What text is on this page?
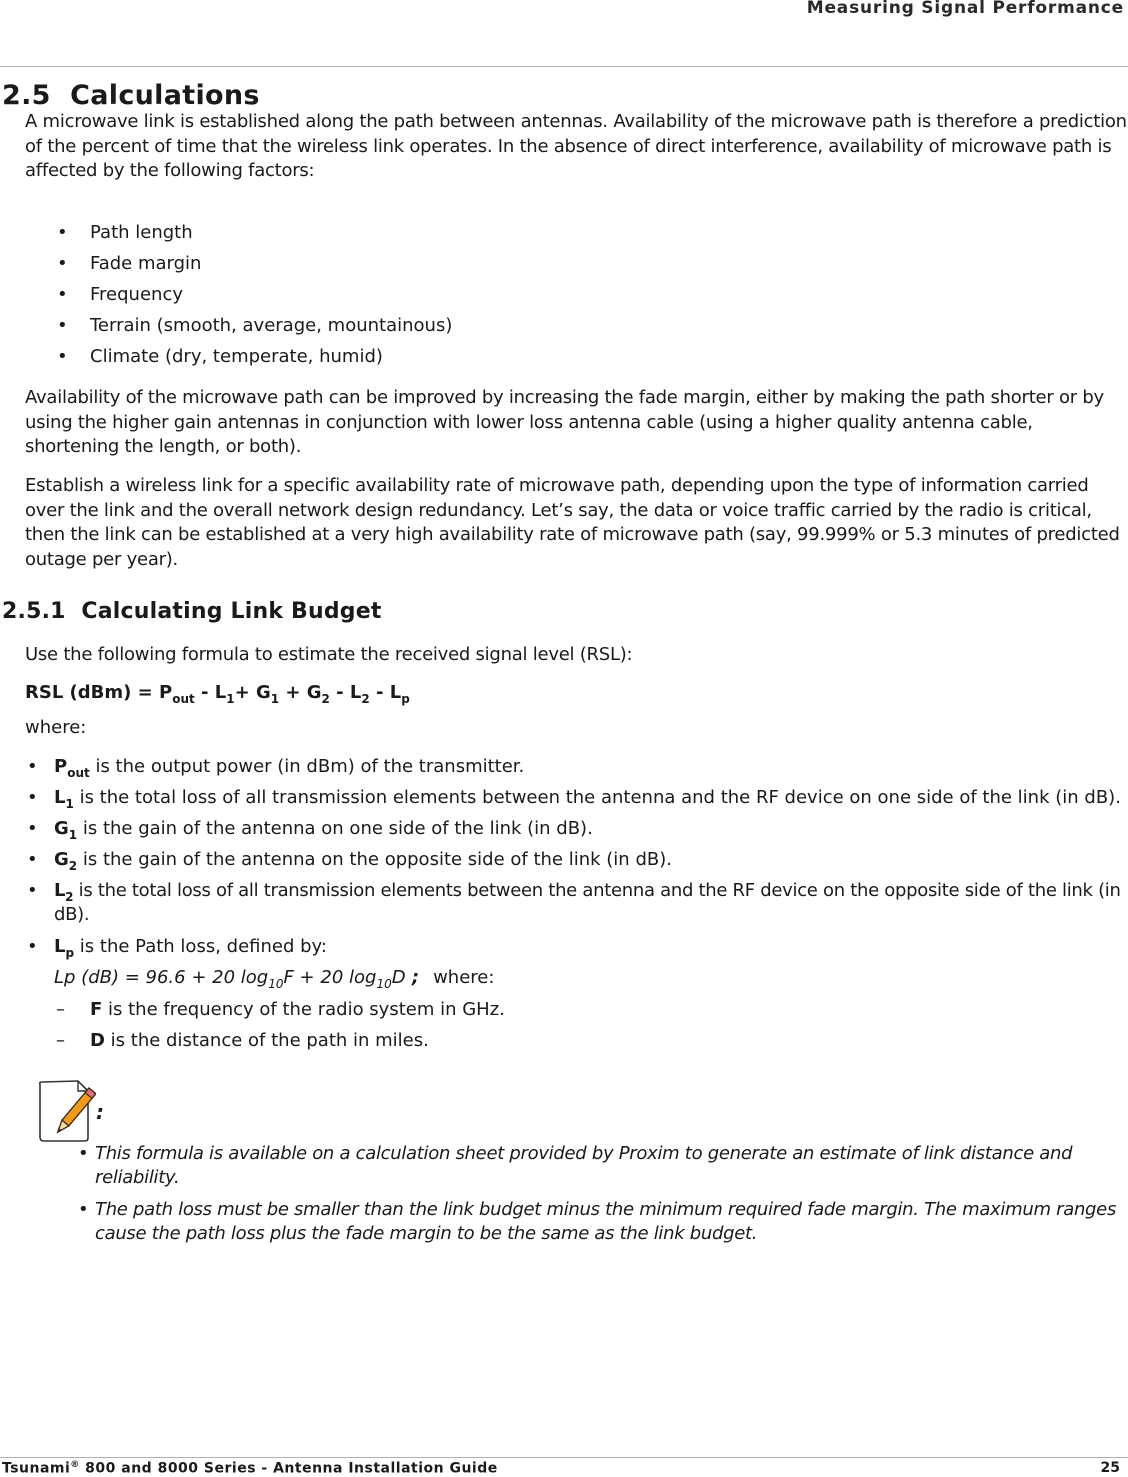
Measuring Signal Performance
2.5 Calculations

A microwave link is established along the path between antennas. Availability of the microwave path is therefore a prediction of the percent of time that the wireless link operates. In the absence of direct interference, availability of microwave path is affected by the following factors:

• Path length
• Fade margin
• Frequency
• Terrain (smooth, average, mountainous)
• Climate (dry, temperate, humid)

Availability of the microwave path can be improved by increasing the fade margin, either by making the path shorter or by using the higher gain antennas in conjunction with lower loss antenna cable (using a higher quality antenna cable, shortening the length, or both).

Establish a wireless link for a specific availability rate of microwave path, depending upon the type of information carried over the link and the overall network design redundancy. Let’s say, the data or voice traffic carried by the radio is critical, then the link can be established at a very high availability rate of microwave path (say, 99.999% or 5.3 minutes of predicted outage per year).

2.5.1 Calculating Link Budget

Use the following formula to estimate the received signal level (RSL):

RSL $(dBm) = P_{out} - L_1+ G_1 + G_2 - L_2 - L_p$
where:
• $P_{out}$ is the output power (in dBm) of the transmitter.
• $L_1$ is the total loss of all transmission elements between the antenna and the RF device on one side of the link (in dB).
• $G_1$ is the gain of the antenna on one side of the link (in dB).
• $G_2$ is the gain of the antenna on the opposite side of the link (in dB).
• $L_2$ is the total loss of all transmission elements between the antenna and the RF device on the opposite side of the link (in dB).
• $L_p$ is the Path loss, defined by:
Lp (dB) = 96.6 + 20 $\log_{10}F + 20$ $\log_{10}D$ ; where:
– F is the frequency of the radio system in GHz.
– D is the distance of the path in miles.
:
• This formula is available on a calculation sheet provided by Proxim to generate an estimate of link distance and reliability.
• The path loss must be smaller than the link budget minus the minimum required fade margin. The maximum ranges cause the path loss plus the fade margin to be the same as the link budget.
Tsunami® 800 and 8000 Series - Antenna Installation Guide	25
